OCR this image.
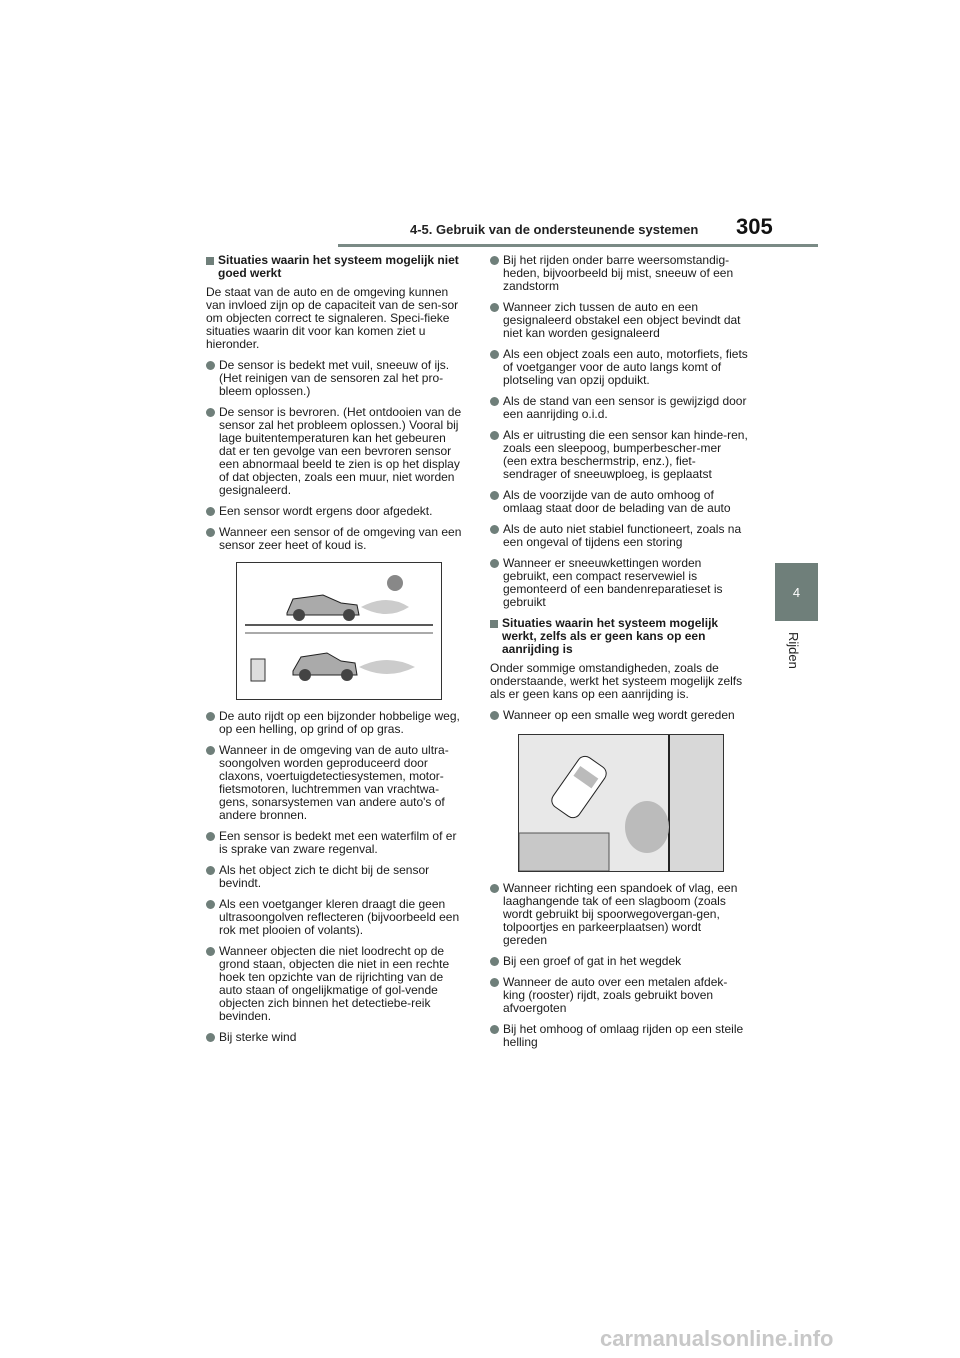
4-5. Gebruik van de ondersteunende systemen 305
4
Rijden
Situaties waarin het systeem mogelijk niet goed werkt
De staat van de auto en de omgeving kunnen van invloed zijn op de capaciteit van de sen-sor om objecten correct te signaleren. Speci-fieke situaties waarin dit voor kan komen ziet u hieronder.
De sensor is bedekt met vuil, sneeuw of ijs. (Het reinigen van de sensoren zal het pro-bleem oplossen.)
De sensor is bevroren. (Het ontdooien van de sensor zal het probleem oplossen.) Vooral bij lage buitentemperaturen kan het gebeuren dat er ten gevolge van een bevroren sensor een abnormaal beeld te zien is op het display of dat objecten, zoals een muur, niet worden gesignaleerd.
Een sensor wordt ergens door afgedekt.
Wanneer een sensor of de omgeving van een sensor zeer heet of koud is.
De auto rijdt op een bijzonder hobbelige weg, op een helling, op grind of op gras.
Wanneer in de omgeving van de auto ultra-soongolven worden geproduceerd door claxons, voertuigdetectiesystemen, motor-fietsmotoren, luchtremmen van vrachtwa-gens, sonarsystemen van andere auto's of andere bronnen.
Een sensor is bedekt met een waterfilm of er is sprake van zware regenval.
Als het object zich te dicht bij de sensor bevindt.
Als een voetganger kleren draagt die geen ultrasoongolven reflecteren (bijvoorbeeld een rok met plooien of volants).
Wanneer objecten die niet loodrecht op de grond staan, objecten die niet in een rechte hoek ten opzichte van de rijrichting van de auto staan of ongelijkmatige of gol-vende objecten zich binnen het detectiebe-reik bevinden.
Bij sterke wind
Bij het rijden onder barre weersomstandig-heden, bijvoorbeeld bij mist, sneeuw of een zandstorm
Wanneer zich tussen de auto en een gesignaleerd obstakel een object bevindt dat niet kan worden gesignaleerd
Als een object zoals een auto, motorfiets, fiets of voetganger voor de auto langs komt of plotseling van opzij opduikt.
Als de stand van een sensor is gewijzigd door een aanrijding o.i.d.
Als er uitrusting die een sensor kan hinde-ren, zoals een sleepoog, bumperbescher-mer (een extra beschermstrip, enz.), fiet-sendrager of sneeuwploeg, is geplaatst
Als de voorzijde van de auto omhoog of omlaag staat door de belading van de auto
Als de auto niet stabiel functioneert, zoals na een ongeval of tijdens een storing
Wanneer er sneeuwkettingen worden gebruikt, een compact reservewiel is gemonteerd of een bandenreparatieset is gebruikt
Situaties waarin het systeem mogelijk werkt, zelfs als er geen kans op een aanrijding is
Onder sommige omstandigheden, zoals de onderstaande, werkt het systeem mogelijk zelfs als er geen kans op een aanrijding is.
Wanneer op een smalle weg wordt gereden
Wanneer richting een spandoek of vlag, een laaghangende tak of een slagboom (zoals wordt gebruikt bij spoorwegovergan-gen, tolpoortjes en parkeerplaatsen) wordt gereden
Bij een groef of gat in het wegdek
Wanneer de auto over een metalen afdek-king (rooster) rijdt, zoals gebruikt boven afvoergoten
Bij het omhoog of omlaag rijden op een steile helling
carmanualsonline.info
